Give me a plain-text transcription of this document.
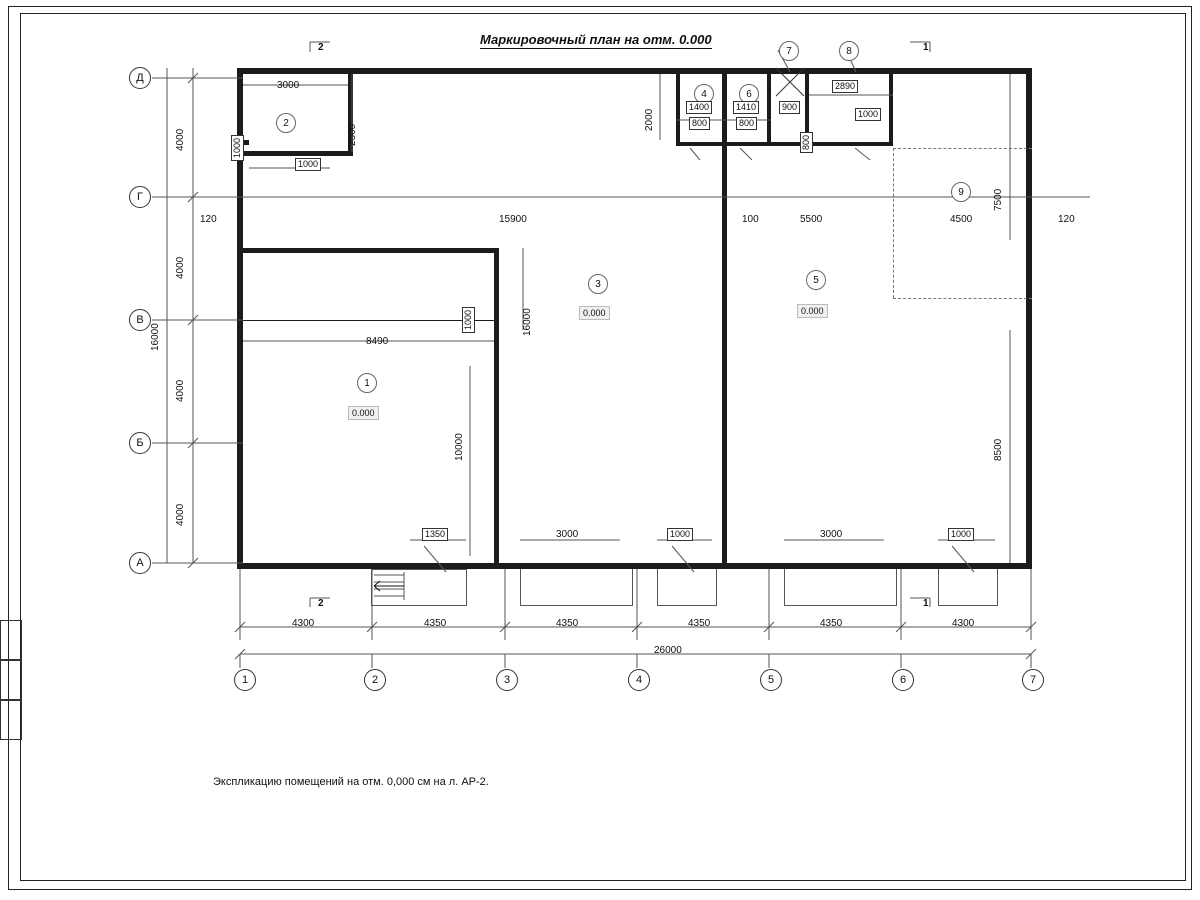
Маркировочный план на отм. 0.000
Экспликацию помещений на отм. 0,000 см на л. АР-2.
Д
Г
В
Б
А
1	2	3	4	5	6	7
2
4	6
7	8
1
0.000
3
0.000
5
0.000
9
2	1
2	1
4000
4000
4000
4000
16000
7500
8500
4300	4350	4350	4350	4350	4300
26000
120	15900	100	5500	4500	120
3000
2500
1000
1000
8490
10000
16000
1000
1350	3000	1000	3000	1000
2000	1000
1400
800
1410
800
900
800
2890
